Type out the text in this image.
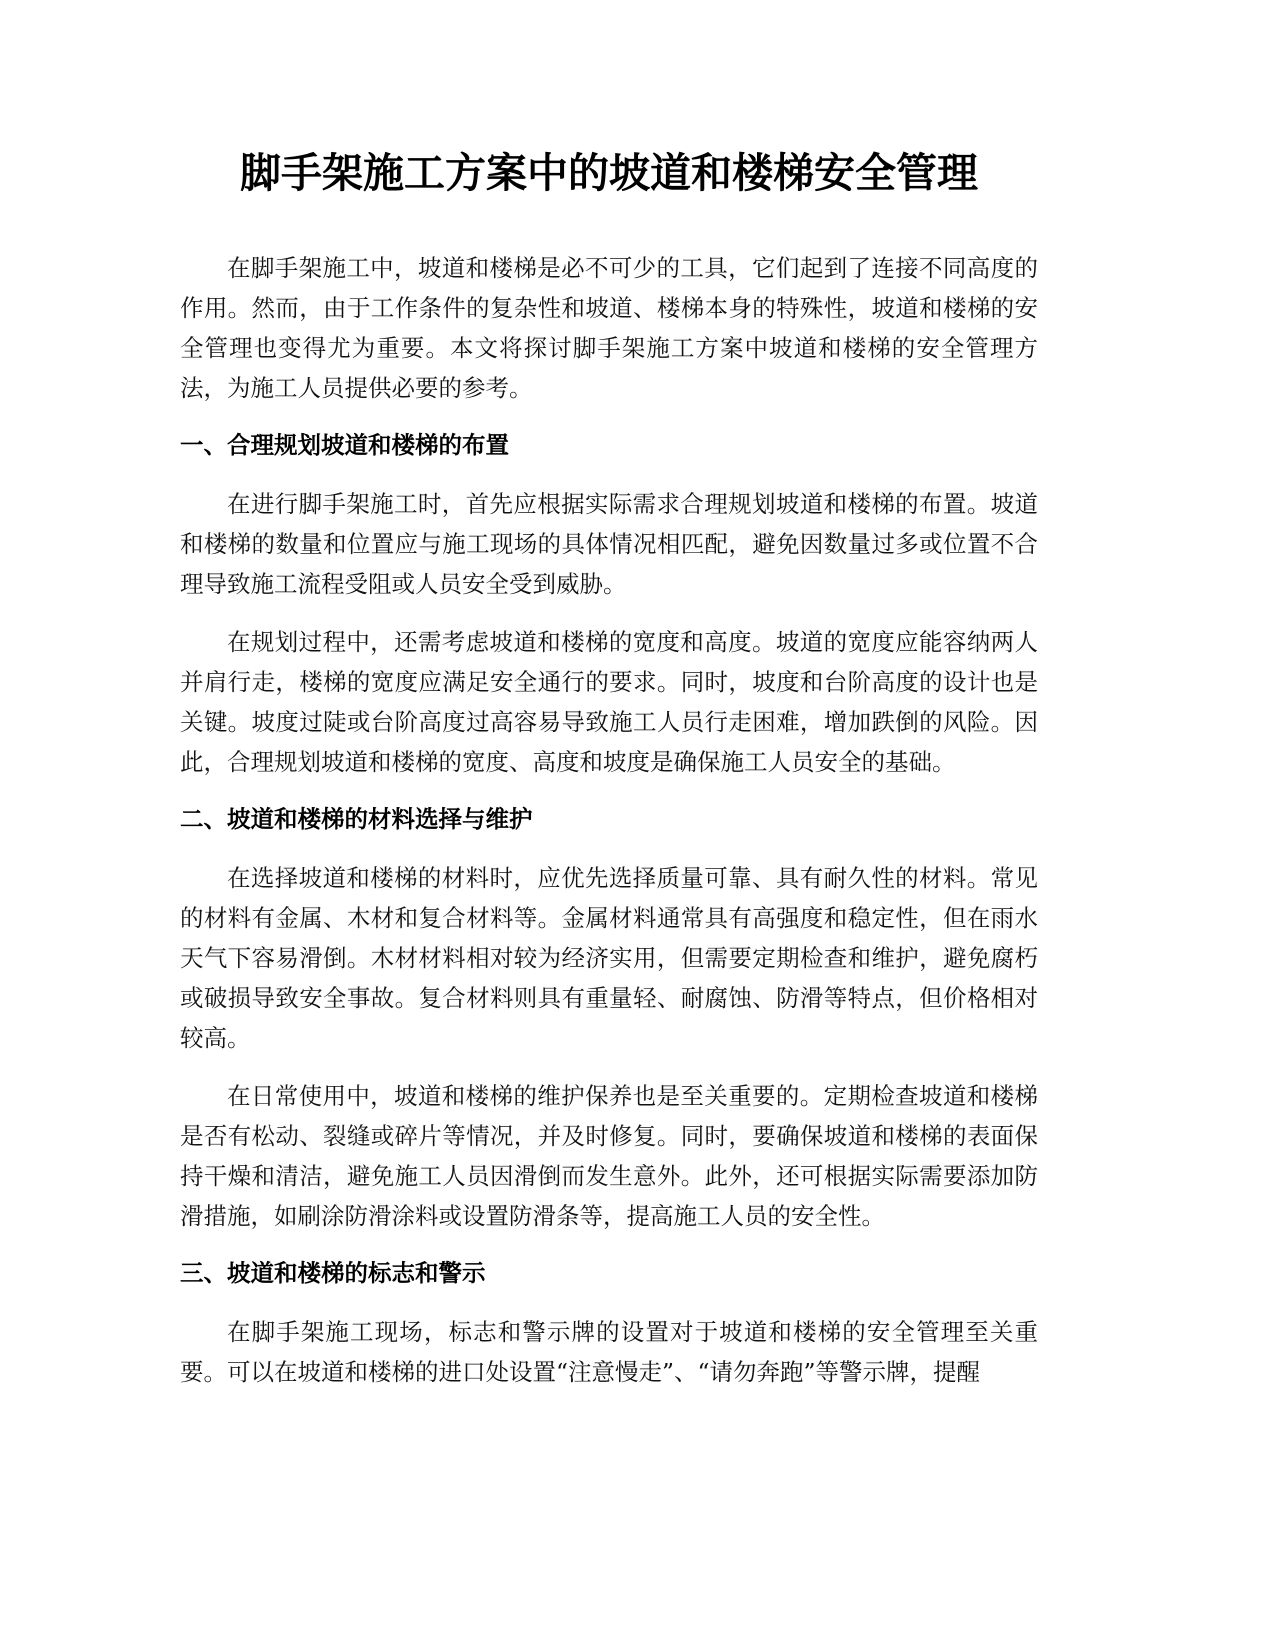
脚手架施工方案中的坡道和楼梯安全管理

在脚手架施工中，坡道和楼梯是必不可少的工具，它们起到了连接不同高度的作用。然而，由于工作条件的复杂性和坡道、楼梯本身的特殊性，坡道和楼梯的安全管理也变得尤为重要。本文将探讨脚手架施工方案中坡道和楼梯的安全管理方法，为施工人员提供必要的参考。

一、合理规划坡道和楼梯的布置

在进行脚手架施工时，首先应根据实际需求合理规划坡道和楼梯的布置。坡道和楼梯的数量和位置应与施工现场的具体情况相匹配，避免因数量过多或位置不合理导致施工流程受阻或人员安全受到威胁。

在规划过程中，还需考虑坡道和楼梯的宽度和高度。坡道的宽度应能容纳两人并肩行走，楼梯的宽度应满足安全通行的要求。同时，坡度和台阶高度的设计也是关键。坡度过陡或台阶高度过高容易导致施工人员行走困难，增加跌倒的风险。因此，合理规划坡道和楼梯的宽度、高度和坡度是确保施工人员安全的基础。

二、坡道和楼梯的材料选择与维护

在选择坡道和楼梯的材料时，应优先选择质量可靠、具有耐久性的材料。常见的材料有金属、木材和复合材料等。金属材料通常具有高强度和稳定性，但在雨水天气下容易滑倒。木材材料相对较为经济实用，但需要定期检查和维护，避免腐朽或破损导致安全事故。复合材料则具有重量轻、耐腐蚀、防滑等特点，但价格相对较高。

在日常使用中，坡道和楼梯的维护保养也是至关重要的。定期检查坡道和楼梯是否有松动、裂缝或碎片等情况，并及时修复。同时，要确保坡道和楼梯的表面保持干燥和清洁，避免施工人员因滑倒而发生意外。此外，还可根据实际需要添加防滑措施，如刷涂防滑涂料或设置防滑条等，提高施工人员的安全性。

三、坡道和楼梯的标志和警示

在脚手架施工现场，标志和警示牌的设置对于坡道和楼梯的安全管理至关重要。可以在坡道和楼梯的进口处设置“注意慢走”、“请勿奔跑”等警示牌，提醒
